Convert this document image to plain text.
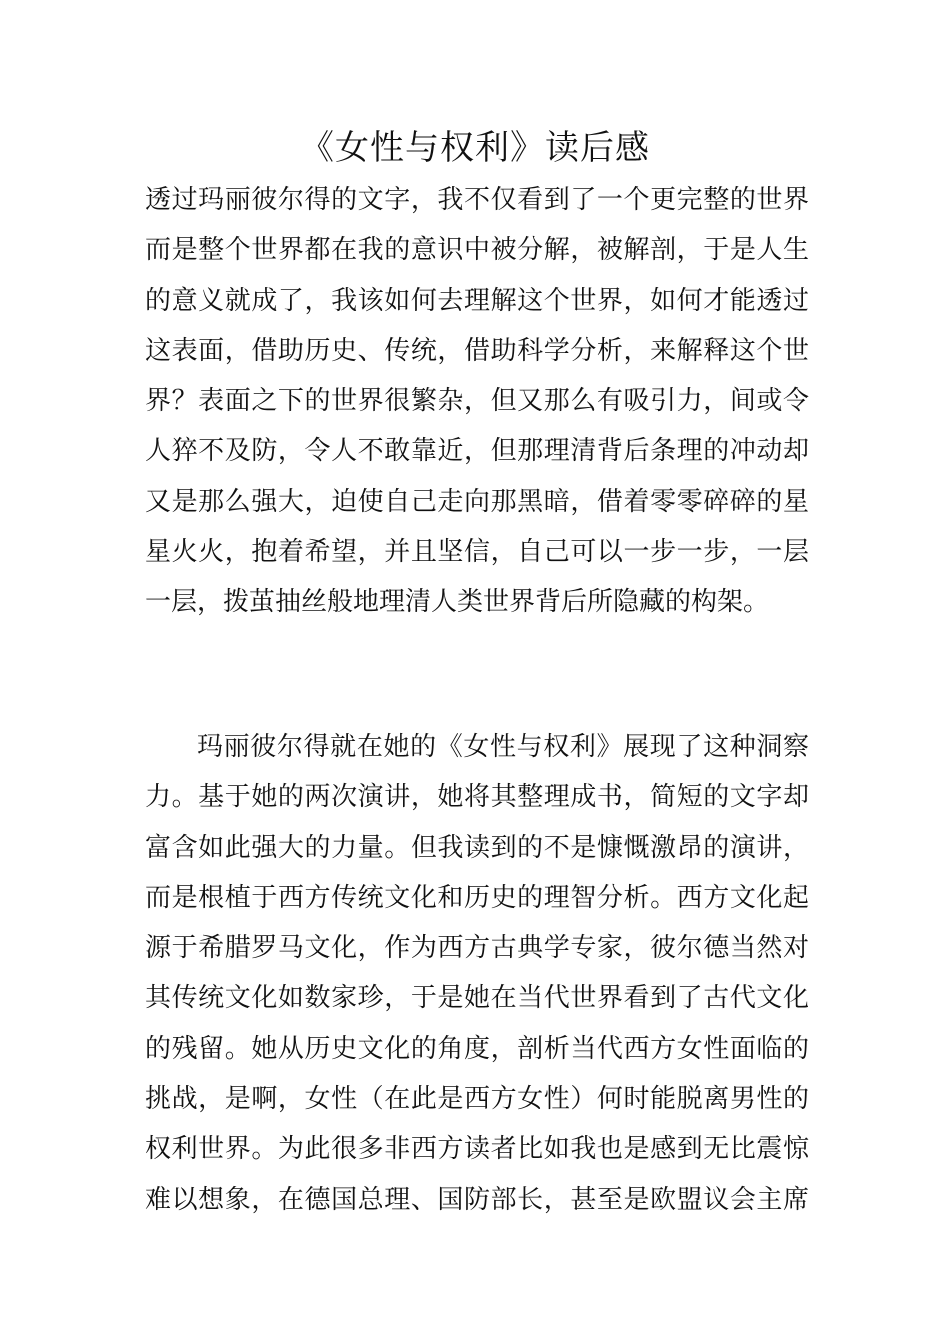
《女性与权利》读后感
透过玛丽彼尔得的文字，我不仅看到了一个更完整的世界
而是整个世界都在我的意识中被分解，被解剖，于是人生
的意义就成了，我该如何去理解这个世界，如何才能透过
这表面，借助历史、传统，借助科学分析，来解释这个世
界？表面之下的世界很繁杂，但又那么有吸引力，间或令
人猝不及防，令人不敢靠近，但那理清背后条理的冲动却
又是那么强大，迫使自己走向那黑暗，借着零零碎碎的星
星火火，抱着希望，并且坚信，自己可以一步一步，一层
一层，拨茧抽丝般地理清人类世界背后所隐藏的构架。
玛丽彼尔得就在她的《女性与权利》展现了这种洞察
力。基于她的两次演讲，她将其整理成书，简短的文字却
富含如此强大的力量。但我读到的不是慷慨激昂的演讲，
而是根植于西方传统文化和历史的理智分析。西方文化起
源于希腊罗马文化，作为西方古典学专家，彼尔德当然对
其传统文化如数家珍，于是她在当代世界看到了古代文化
的残留。她从历史文化的角度，剖析当代西方女性面临的
挑战，是啊，女性（在此是西方女性）何时能脱离男性的
权利世界。为此很多非西方读者比如我也是感到无比震惊
难以想象，在德国总理、国防部长，甚至是欧盟议会主席
